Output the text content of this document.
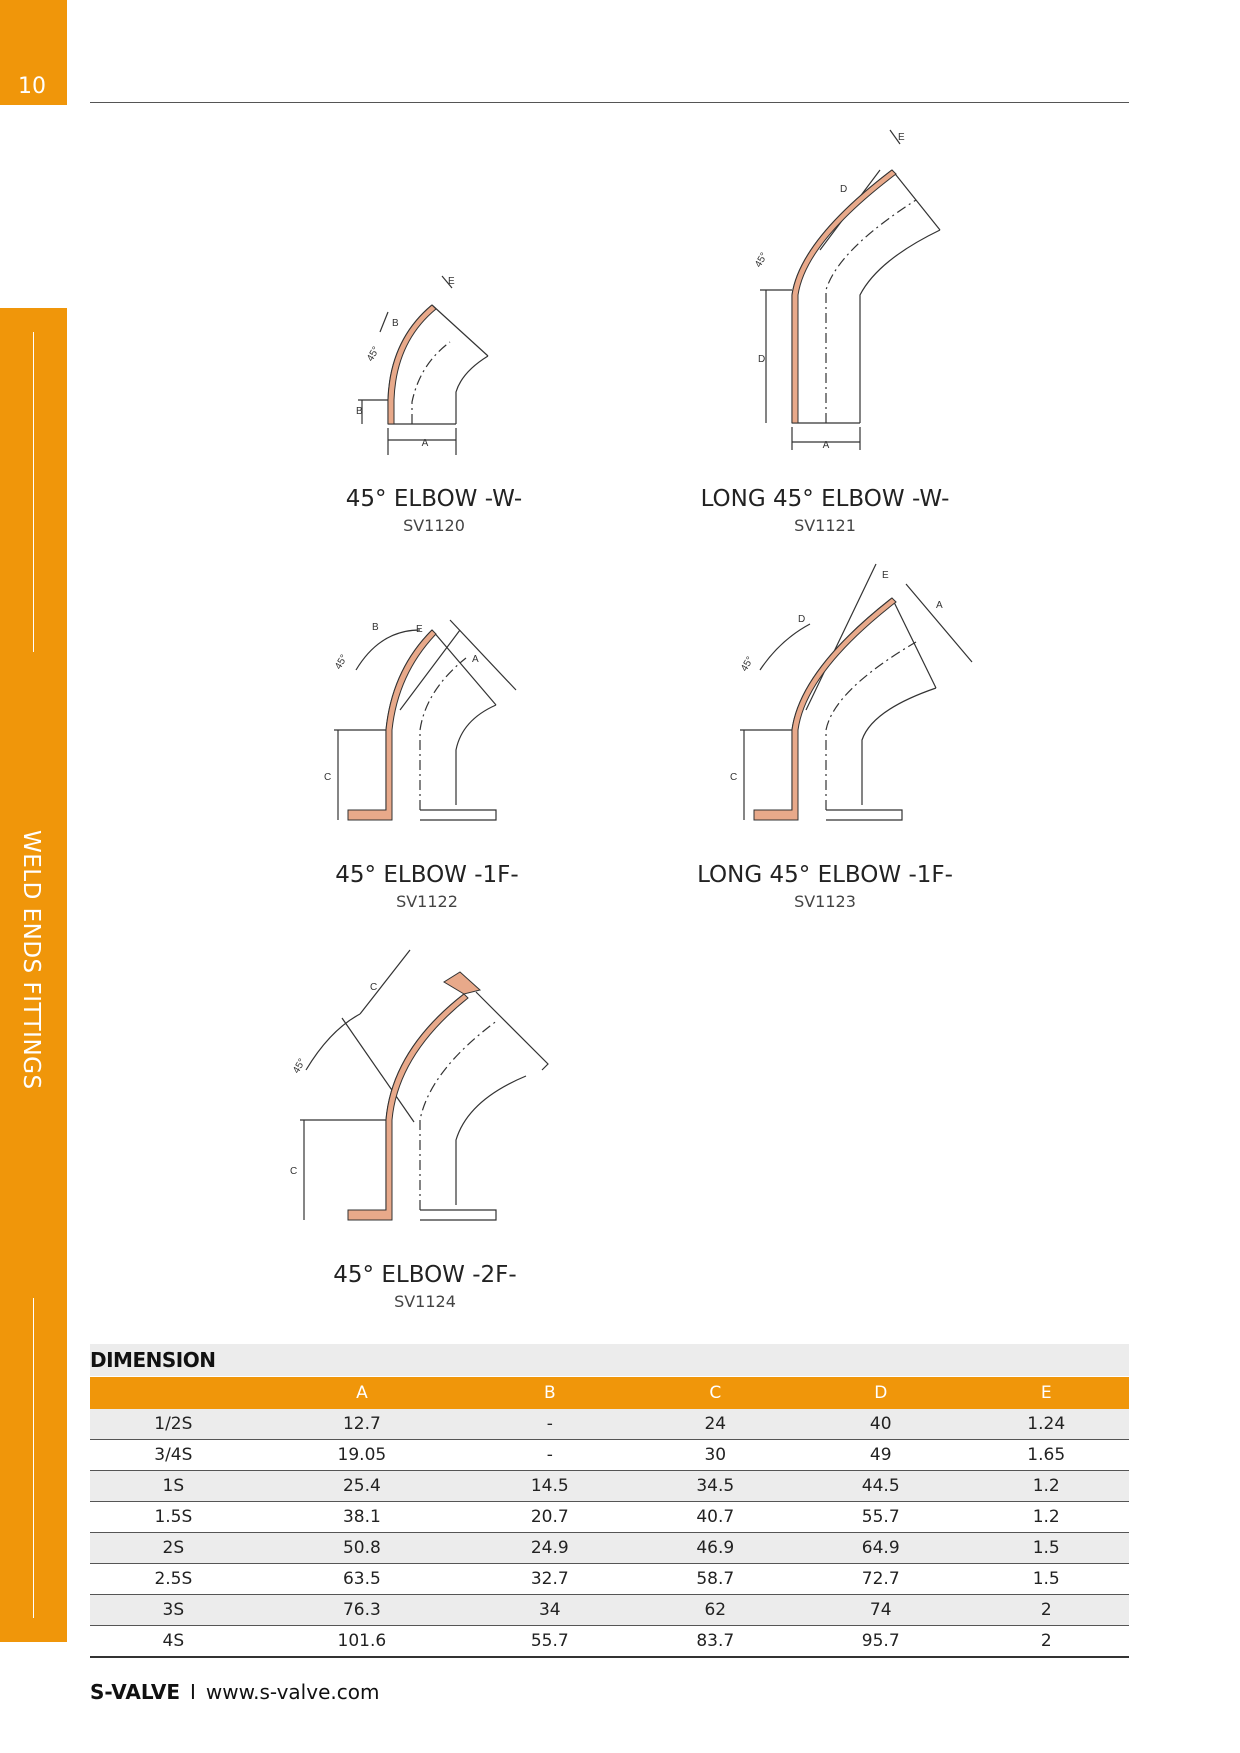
10
WELD ENDS FITTINGS
A
B
B
45°
E
A
D
D
45°
E
C
B
45°
E
A
C
D
45°
E
A
C
C
45°
45° ELBOW -W-
SV1120
LONG 45° ELBOW -W-
SV1121
45° ELBOW -1F-
SV1122
LONG 45° ELBOW -1F-
SV1123
45° ELBOW -2F-
SV1124
DIMENSION
	A	B	C	D	E
1/2S	12.7	-	24	40	1.24
3/4S	19.05	-	30	49	1.65
1S	25.4	14.5	34.5	44.5	1.2
1.5S	38.1	20.7	40.7	55.7	1.2
2S	50.8	24.9	46.9	64.9	1.5
2.5S	63.5	32.7	58.7	72.7	1.5
3S	76.3	34	62	74	2
4S	101.6	55.7	83.7	95.7	2
S-VALVE I www.s-valve.com
